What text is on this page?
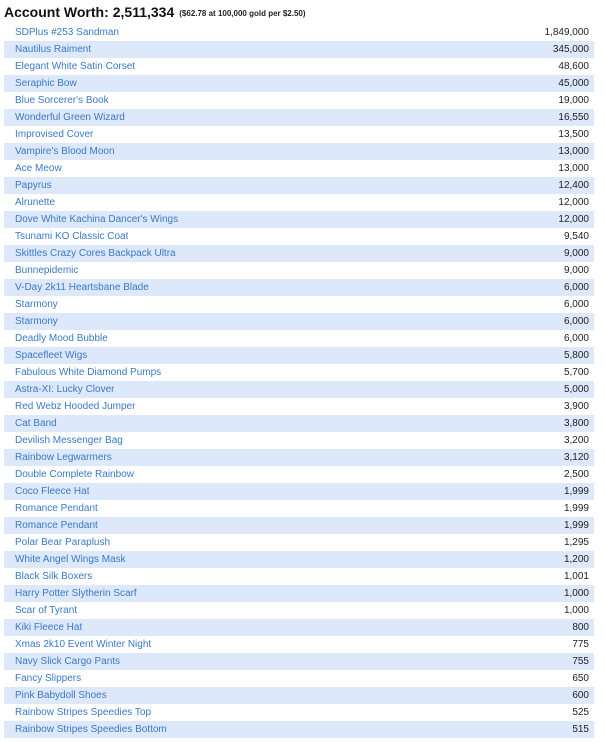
Account Worth: 2,511,334 ($62.78 at 100,000 gold per $2.50)
SDPlus #253 Sandman	1,849,000
Nautilus Raiment	345,000
Elegant White Satin Corset	48,600
Seraphic Bow	45,000
Blue Sorcerer's Book	19,000
Wonderful Green Wizard	16,550
Improvised Cover	13,500
Vampire's Blood Moon	13,000
Ace Meow	13,000
Papyrus	12,400
Alrunette	12,000
Dove White Kachina Dancer's Wings	12,000
Tsunami KO Classic Coat	9,540
Skittles Crazy Cores Backpack Ultra	9,000
Bunnepidemic	9,000
V-Day 2k11 Heartsbane Blade	6,000
Starmony	6,000
Starmony	6,000
Deadly Mood Bubble	6,000
Spacefleet Wigs	5,800
Fabulous White Diamond Pumps	5,700
Astra-XI: Lucky Clover	5,000
Red Webz Hooded Jumper	3,900
Cat Band	3,800
Devilish Messenger Bag	3,200
Rainbow Legwarmers	3,120
Double Complete Rainbow	2,500
Coco Fleece Hat	1,999
Romance Pendant	1,999
Romance Pendant	1,999
Polar Bear Paraplush	1,295
White Angel Wings Mask	1,200
Black Silk Boxers	1,001
Harry Potter Slytherin Scarf	1,000
Scar of Tyrant	1,000
Kiki Fleece Hat	800
Xmas 2k10 Event Winter Night	775
Navy Slick Cargo Pants	755
Fancy Slippers	650
Pink Babydoll Shoes	600
Rainbow Stripes Speedies Top	525
Rainbow Stripes Speedies Bottom	515
